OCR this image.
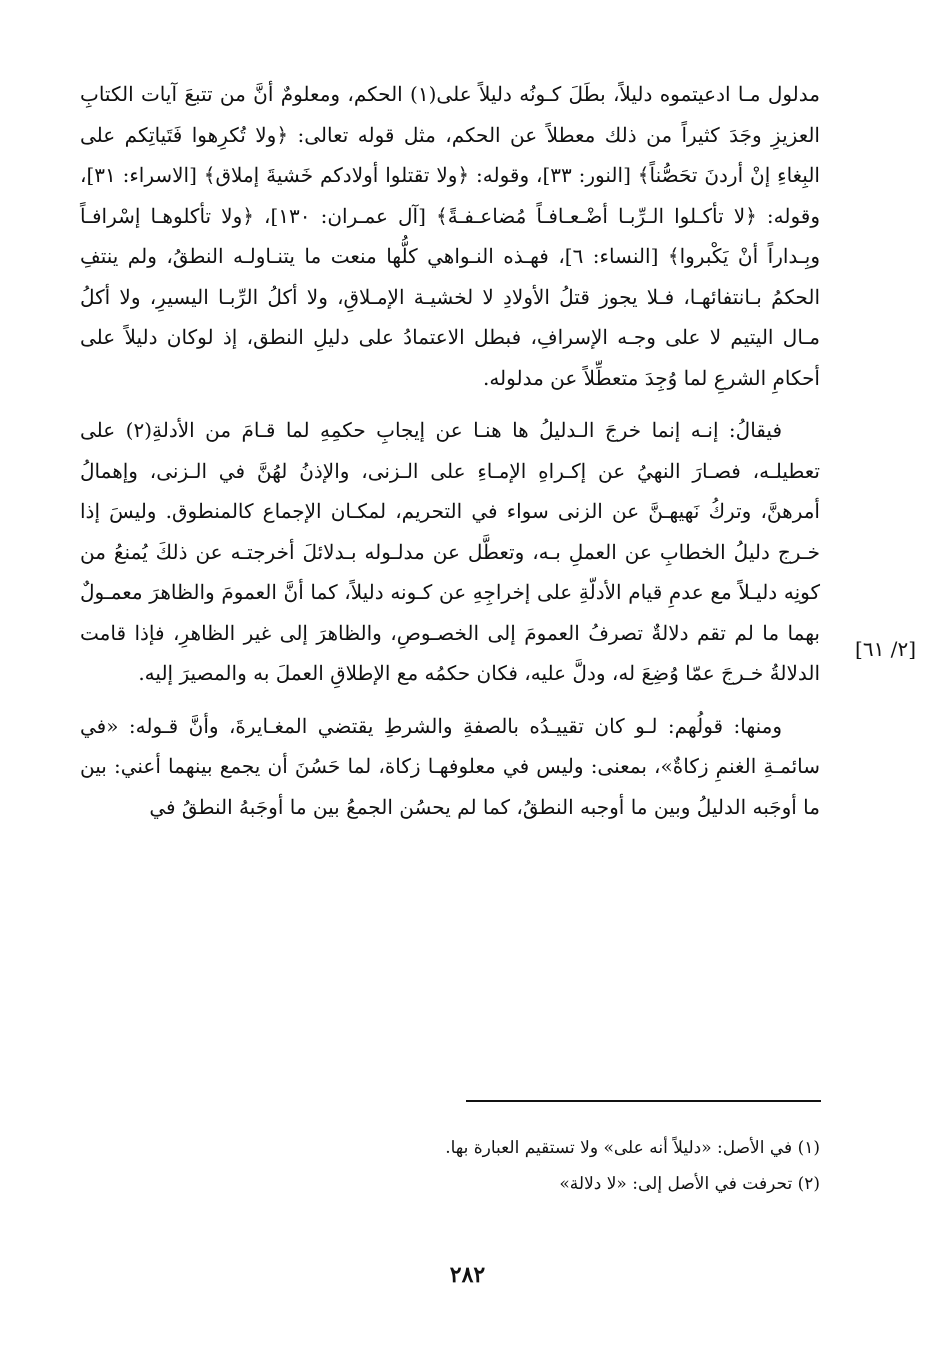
مدلول مـا ادعيتموه دليلاً، بطَلَ كـونُه دليلاً على(١) الحكم، ومعلومٌ أنَّ من تتبعَ آيات الكتابِ العزيزِ وجَدَ كثيراً من ذلك معطلاً عن الحكم، مثل قوله تعالى: ﴿ولا تُكرِهوا فَتَياتِكم على البِغاءِ إنْ أردنَ تحَصُّناً﴾ [النور: ٣٣]، وقوله: ﴿ولا تقتلوا أولادكم خَشيةَ إملاق﴾ [الاسراء: ٣١]، وقوله: ﴿لا تأكـلوا الـرِّبـا أضْـعـافـاً مُضاعـفـةً﴾ [آل عمـران: ١٣٠]، ﴿ولا تأكلوهـا إسْرافـاً وبِـداراً أنْ يَكْبروا﴾ [النساء: ٦]، فهـذه النـواهي كلُّها منعت ما يتنـاولـه النطقُ، ولم ينتفِ الحكمُ بـانتفائهـا، فـلا يجوز قتلُ الأولادِ لا لخشيـة الإمـلاقِ، ولا أكلُ الرِّبـا اليسيرِ، ولا أكلُ مـال اليتيم لا على وجـه الإسرافِ، فبطل الاعتمادُ على دليلِ النطق، إذ لوكان دليلاً على أحكامِ الشرعِ لما وُجِدَ متعطِّلاً عن مدلوله.

فيقالُ: إنـه إنما خرجَ الـدليلُ ها هنـا عن إيجابِ حكمِهِ لما قـامَ من الأدلةِ(٢) على تعطيلـه، فصـارَ النهيُ عن إكـراهِ الإمـاءِ على الـزنى، والإذنُ لهُنَّ في الـزنى، وإهمالُ أمرهنَّ، وتركُ نَهيهـنَّ عن الزنى سواء في التحريم، لمكـان الإجماع كالمنطوق. وليسَ إذا خـرج دليلُ الخطابِ عن العملِ بـه، وتعطَّل عن مدلـوله بـدلائلَ أخرجتـه عن ذلكَ يُمنعُ من كونِه دليـلاً مع عدمِ قيام الأدلّةِ على إخراجِهِ عن كـونه دليلاً، كما أنَّ العمومَ والظاهرَ معمـولٌ بهما ما لم تقم دلالةٌ تصرفُ العمومَ إلى الخصـوصِ، والظاهرَ إلى غير الظاهرِ، فإذا قامت الدلالةُ خـرجَ عمّا وُضِعَ له، ودلَّ عليه، فكان حكمُه مع الإطلاقِ العملَ به والمصيرَ إليه.

ومنها: قولُهم: لـو كان تقييـدُه بالصفةِ والشرطِ يقتضي المغـايرةَ، وأنَّ قـوله: «في سائمـةِ الغنمِ زكاةٌ»، بمعنى: وليس في معلوفهـا زكاة، لما حَسُنَ أن يجمع بينهما أعني: بين ما أوجَبه الدليلُ وبين ما أوجبه النطقُ، كما لم يحسُن الجمعُ بين ما أوجَبهُ النطقُ في

[٢/ ٦١]
(١) في الأصل: «دليلاً أنه على» ولا تستقيم العبارة بها.
(٢) تحرفت في الأصل إلى: «لا دلالة»
٢٨٢
